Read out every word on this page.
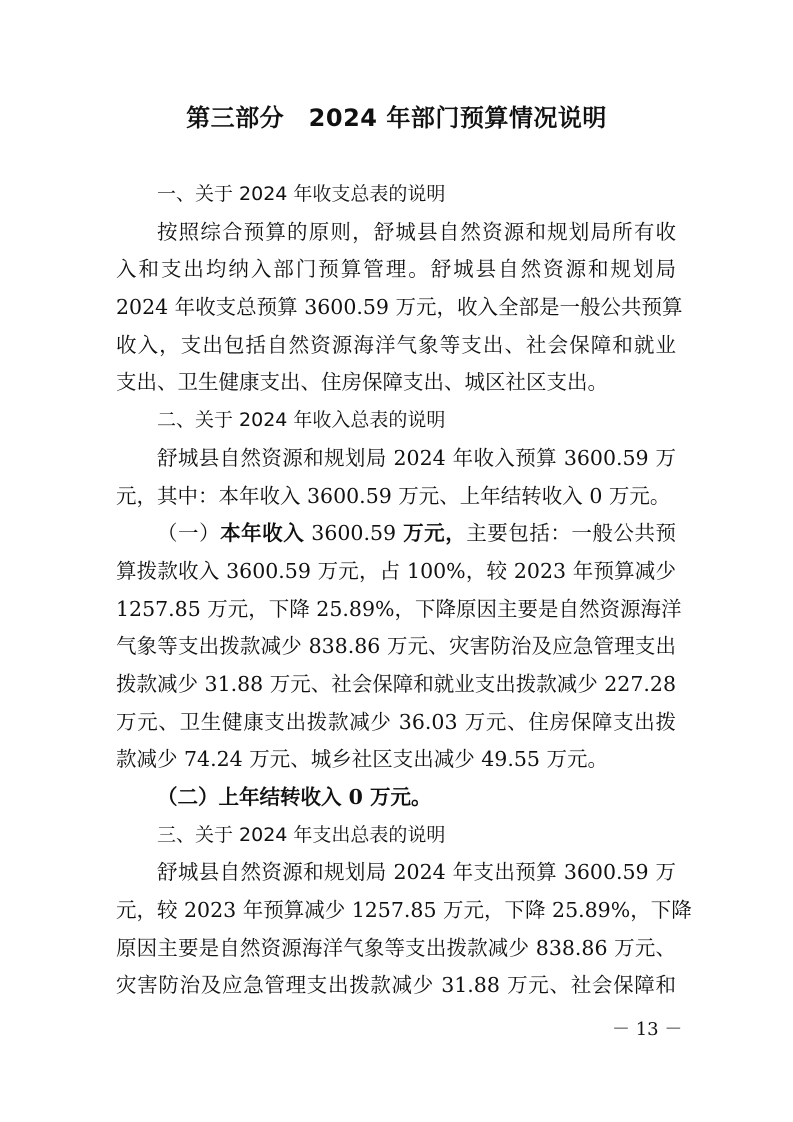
第三部分　2024 年部门预算情况说明
一、关于 2024 年收支总表的说明
按照综合预算的原则，舒城县自然资源和规划局所有收
入和支出均纳入部门预算管理。舒城县自然资源和规划局
2024 年收支总预算 3600.59 万元，收入全部是一般公共预算
收入，支出包括自然资源海洋气象等支出、社会保障和就业
支出、卫生健康支出、住房保障支出、城区社区支出。
二、关于 2024 年收入总表的说明
舒城县自然资源和规划局 2024 年收入预算 3600.59 万
元，其中：本年收入 3600.59 万元、上年结转收入 0 万元。
（一）本年收入 3600.59 万元，主要包括：一般公共预
算拨款收入 3600.59 万元，占 100%，较 2023 年预算减少
1257.85 万元，下降 25.89%，下降原因主要是自然资源海洋
气象等支出拨款减少 838.86 万元、灾害防治及应急管理支出
拨款减少 31.88 万元、社会保障和就业支出拨款减少 227.28
万元、卫生健康支出拨款减少 36.03 万元、住房保障支出拨
款减少 74.24 万元、城乡社区支出减少 49.55 万元。
（二）上年结转收入 0 万元。
三、关于 2024 年支出总表的说明
舒城县自然资源和规划局 2024 年支出预算 3600.59 万
元，较 2023 年预算减少 1257.85 万元，下降 25.89%，下降
原因主要是自然资源海洋气象等支出拨款减少 838.86 万元、
灾害防治及应急管理支出拨款减少 31.88 万元、社会保障和
－ 13 －
